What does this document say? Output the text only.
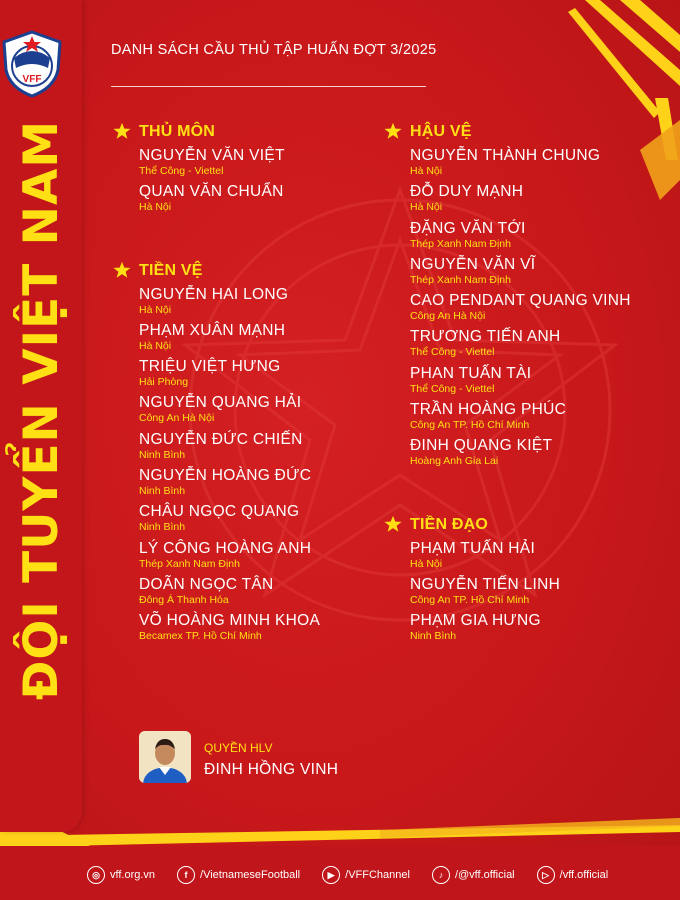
VFF
ĐỘI TUYỂN VIỆT NAM
DANH SÁCH CẦU THỦ TẬP HUẤN ĐỢT 3/2025
THỦ MÔN
NGUYỄN VĂN VIỆT
Thể Công - Viettel
QUAN VĂN CHUẨN
Hà Nội
TIỀN VỆ
NGUYỄN HAI LONG
Hà Nội
PHẠM XUÂN MẠNH
Hà Nội
TRIỆU VIỆT HƯNG
Hải Phòng
NGUYỄN QUANG HẢI
Công An Hà Nội
NGUYỄN ĐỨC CHIẾN
Ninh Bình
NGUYỄN HOÀNG ĐỨC
Ninh Bình
CHÂU NGỌC QUANG
Ninh Bình
LÝ CÔNG HOÀNG ANH
Thép Xanh Nam Định
DOÃN NGỌC TÂN
Đông Á Thanh Hóa
VÕ HOÀNG MINH KHOA
Becamex TP. Hồ Chí Minh
HẬU VỆ
NGUYỄN THÀNH CHUNG
Hà Nội
ĐỖ DUY MẠNH
Hà Nội
ĐẶNG VĂN TỚI
Thép Xanh Nam Định
NGUYỄN VĂN VĨ
Thép Xanh Nam Định
CAO PENDANT QUANG VINH
Công An Hà Nội
TRƯƠNG TIẾN ANH
Thể Công - Viettel
PHAN TUẤN TÀI
Thể Công - Viettel
TRẦN HOÀNG PHÚC
Công An TP. Hồ Chí Minh
ĐINH QUANG KIỆT
Hoàng Anh Gia Lai
TIỀN ĐẠO
PHẠM TUẤN HẢI
Hà Nội
NGUYỄN TIẾN LINH
Công An TP. Hồ Chí Minh
PHẠM GIA HƯNG
Ninh Bình
QUYỀN HLV
ĐINH HỒNG VINH
◎ vff.org.vn	f	/VietnameseFootball	▶ /VFFChannel	♪	/@vff.official	▷ /vff.official
